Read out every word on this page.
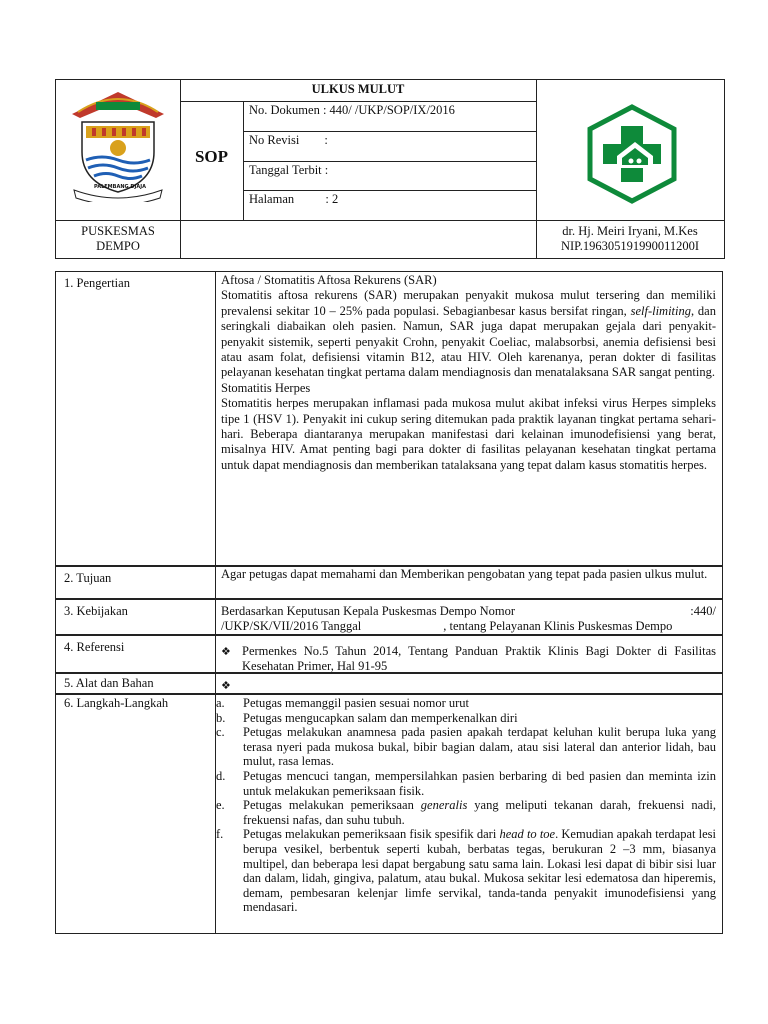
PALEMBANG DJAJA
ULKUS MULUT
SOP
No. Dokumen : 440/ /UKP/SOP/IX/2016
No Revisi        :
Tanggal Terbit :
Halaman          : 2
PUSKESMAS
DEMPO
dr. Hj. Meiri Iryani, M.Kes
NIP.196305191990011200I
1. Pengertian	Aftosa / Stomatitis Aftosa Rekurens (SAR)
Stomatitis aftosa rekurens (SAR) merupakan penyakit mukosa mulut tersering dan memiliki prevalensi sekitar 10 – 25% pada populasi. Sebagianbesar kasus bersifat ringan, self-limiting, dan seringkali diabaikan oleh pasien. Namun, SAR juga dapat merupakan gejala dari penyakit-penyakit sistemik, seperti penyakit Crohn, penyakit Coeliac, malabsorbsi, anemia defisiensi besi atau asam folat, defisiensi vitamin B12, atau HIV. Oleh karenanya, peran dokter di fasilitas pelayanan kesehatan tingkat pertama dalam mendiagnosis dan menatalaksana SAR sangat penting.
Stomatitis Herpes
Stomatitis herpes merupakan inflamasi pada mukosa mulut akibat infeksi virus Herpes simpleks tipe 1 (HSV 1). Penyakit ini cukup sering ditemukan pada praktik layanan tingkat pertama sehari-hari. Beberapa diantaranya merupakan manifestasi dari kelainan imunodefisiensi yang berat, misalnya HIV. Amat penting bagi para dokter di fasilitas pelayanan kesehatan tingkat pertama untuk dapat mendiagnosis dan memberikan tatalaksana yang tepat dalam kasus stomatitis herpes.
2. Tujuan	Agar petugas dapat memahami dan Memberikan pengobatan yang tepat pada pasien ulkus mulut.
3. Kebijakan	Berdasarkan Keputusan Kepala Puskesmas Dempo Nomor	:440/
/UKP/SK/VII/2016 Tanggal	, tentang Pelayanan Klinis Puskesmas Dempo
4. Referensi	❖ Permenkes No.5 Tahun 2014, Tentang Panduan Praktik Klinis Bagi Dokter di Fasilitas Kesehatan Primer, Hal 91-95
5. Alat dan Bahan	❖
6. Langkah-Langkah	a.	Petugas memanggil pasien sesuai nomor urut
b.	Petugas mengucapkan salam dan memperkenalkan diri
c.	Petugas melakukan anamnesa pada pasien apakah terdapat keluhan kulit berupa luka yang terasa nyeri pada mukosa bukal, bibir bagian dalam, atau sisi lateral dan anterior lidah, bau mulut, rasa lemas.
d.	Petugas mencuci tangan, mempersilahkan pasien berbaring di bed pasien dan meminta izin untuk melakukan pemeriksaan fisik.
e.	Petugas melakukan pemeriksaan generalis yang meliputi tekanan darah, frekuensi nadi, frekuensi nafas, dan suhu tubuh.
f.	Petugas melakukan pemeriksaan fisik spesifik dari head to toe. Kemudian apakah terdapat lesi berupa vesikel, berbentuk seperti kubah, berbatas tegas, berukuran 2 –3 mm, biasanya multipel, dan beberapa lesi dapat bergabung satu sama lain. Lokasi lesi dapat di bibir sisi luar dan dalam, lidah, gingiva, palatum, atau bukal. Mukosa sekitar lesi edematosa dan hiperemis, demam, pembesaran kelenjar limfe servikal, tanda-tanda penyakit imunodefisiensi yang mendasari.
